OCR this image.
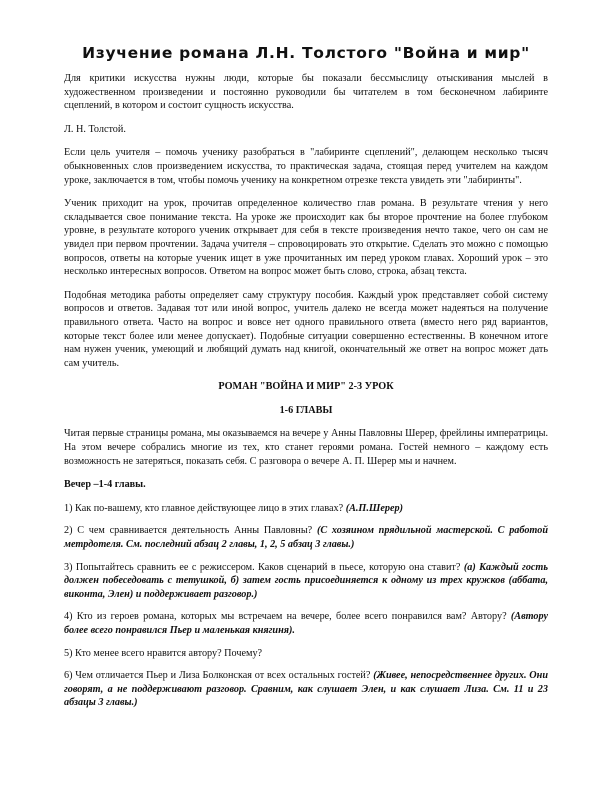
Изучение романа Л.Н. Толстого "Война и мир"

Для критики искусства нужны люди, которые бы показали бессмыслицу отыскивания мыслей в художественном произведении и постоянно руководили бы читателем в том бесконечном лабиринте сцеплений, в котором и состоит сущность искусства.

Л. Н. Толстой.

Если цель учителя – помочь ученику разобраться в "лабиринте сцеплений", делающем несколько тысяч обыкновенных слов произведением искусства, то практическая задача, стоящая перед учителем на каждом уроке, заключается в том, чтобы помочь ученику на конкретном отрезке текста увидеть эти "лабиринты".

Ученик приходит на урок, прочитав определенное количество глав романа. В результате чтения у него складывается свое понимание текста. На уроке же происходит как бы второе прочтение на более глубоком уровне, в результате которого ученик открывает для себя в тексте произведения нечто такое, чего он сам не увидел при первом прочтении. Задача учителя – спровоцировать это открытие. Сделать это можно с помощью вопросов, ответы на которые ученик ищет в уже прочитанных им перед уроком главах. Хороший урок – это несколько интересных вопросов. Ответом на вопрос может быть слово, строка, абзац текста.

Подобная методика работы определяет саму структуру пособия. Каждый урок представляет собой систему вопросов и ответов. Задавая тот или иной вопрос, учитель далеко не всегда может надеяться на получение правильного ответа. Часто на вопрос и вовсе нет одного правильного ответа (вместо него ряд вариантов, которые текст более или менее допускает). Подобные ситуации совершенно естественны. В конечном итоге нам нужен ученик, умеющий и любящий думать над книгой, окончательный же ответ на вопрос может дать сам учитель.

РОМАН "ВОЙНА И МИР" 2-3 УРОК
1-6 ГЛАВЫ

Читая первые страницы романа, мы оказываемся на вечере у Анны Павловны Шерер, фрейлины императрицы. На этом вечере собрались многие из тех, кто станет героями романа. Гостей немного – каждому есть возможность не затеряться, показать себя. С разговора о вечере А. П. Шерер мы и начнем.

Вечер –1-4 главы.

1) Как по-вашему, кто главное действующее лицо в этих главах? (А.П.Шерер)

2) С чем сравнивается деятельность Анны Павловны? (С хозяином прядильной мастерской. С работой метрдотеля. См. последний абзац 2 главы, 1, 2, 5 абзац 3 главы.)

3) Попытайтесь сравнить ее с режиссером. Каков сценарий в пьесе, которую она ставит? (а) Каждый гость должен побеседовать с тетушкой, б) затем гость присоединяется к одному из трех кружков (аббата, виконта, Элен) и поддерживает разговор.)

4) Кто из героев романа, которых мы встречаем на вечере, более всего понравился вам? Автору? (Автору более всего понравился Пьер и маленькая княгиня).

5) Кто менее всего нравится автору? Почему?

6) Чем отличается Пьер и Лиза Болконская от всех остальных гостей? (Живее, непосредственнее других. Они говорят, а не поддерживают разговор. Сравним, как слушает Элен, и как слушает Лиза. См. 11 и 23 абзацы 3 главы.)
